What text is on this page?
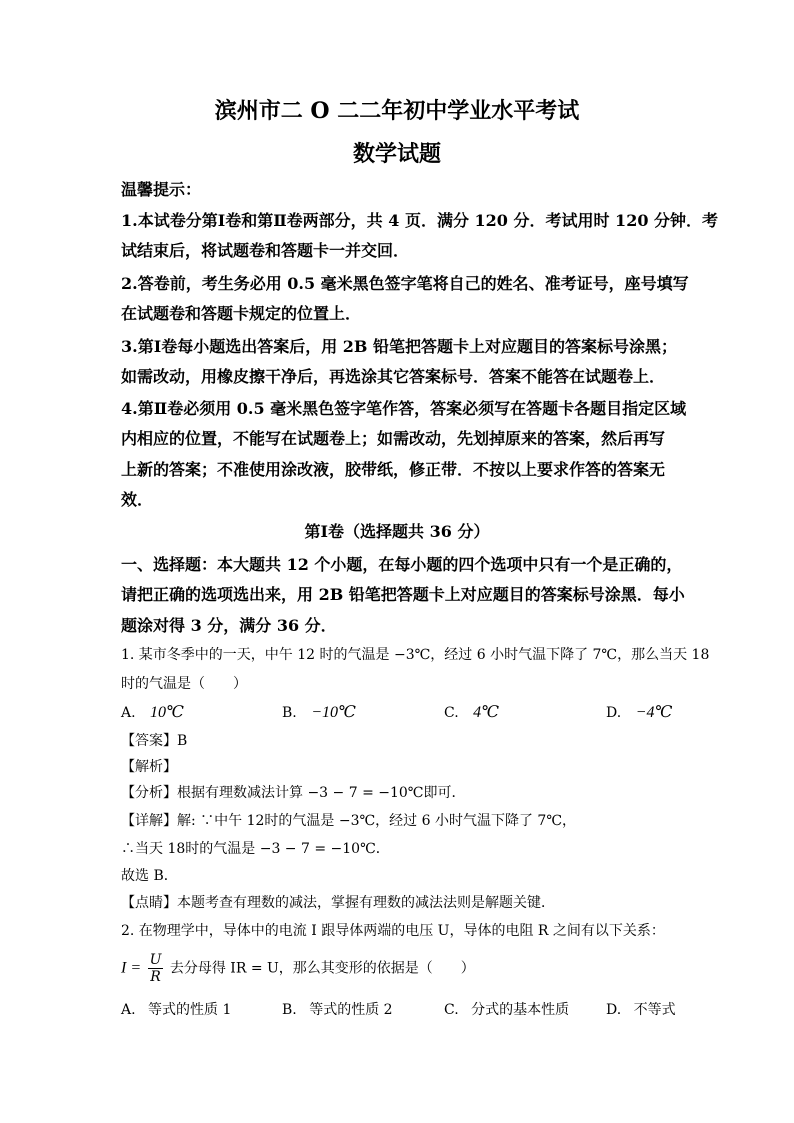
滨州市二 O 二二年初中学业水平考试
数学试题
温馨提示：
1.本试卷分第Ⅰ卷和第Ⅱ卷两部分，共 4 页．满分 120 分．考试用时 120 分钟．考
试结束后，将试题卷和答题卡一并交回．
2.答卷前，考生务必用 0.5 毫米黑色签字笔将自己的姓名、准考证号，座号填写
在试题卷和答题卡规定的位置上．
3.第Ⅰ卷每小题选出答案后，用 2B 铅笔把答题卡上对应题目的答案标号涂黑；
如需改动，用橡皮擦干净后，再选涂其它答案标号．答案不能答在试题卷上．
4.第Ⅱ卷必须用 0.5 毫米黑色签字笔作答，答案必须写在答题卡各题目指定区域
内相应的位置，不能写在试题卷上；如需改动，先划掉原来的答案，然后再写
上新的答案；不准使用涂改液，胶带纸，修正带．不按以上要求作答的答案无
效．
第Ⅰ卷（选择题共 36 分）
一、选择题：本大题共 12 个小题，在每小题的四个选项中只有一个是正确的，
请把正确的选项选出来，用 2B 铅笔把答题卡上对应题目的答案标号涂黑．每小
题涂对得 3 分，满分 36 分．
1. 某市冬季中的一天，中午 12 时的气温是 −3℃，经过 6 小时气温下降了 7℃，那么当天 18
时的气温是（　　）
A. 10℃	B. −10℃	C. 4℃	D. −4℃
【答案】B
【解析】
【分析】根据有理数减法计算 −3 − 7 = −10℃即可．
【详解】解: ∵中午 12时的气温是 −3℃，经过 6 小时气温下降了 7℃，
∴当天 18时的气温是 −3 − 7 = −10℃．
故选 B．
【点睛】本题考查有理数的减法，掌握有理数的减法法则是解题关键．
2. 在物理学中，导体中的电流 I 跟导体两端的电压 U，导体的电阻 R 之间有以下关系：
$I = \frac{U}{R}$ 去分母得 IR = U，那么其变形的依据是（　　）
A. 等式的性质 1	B. 等式的性质 2	C. 分式的基本性质	D. 不等式
